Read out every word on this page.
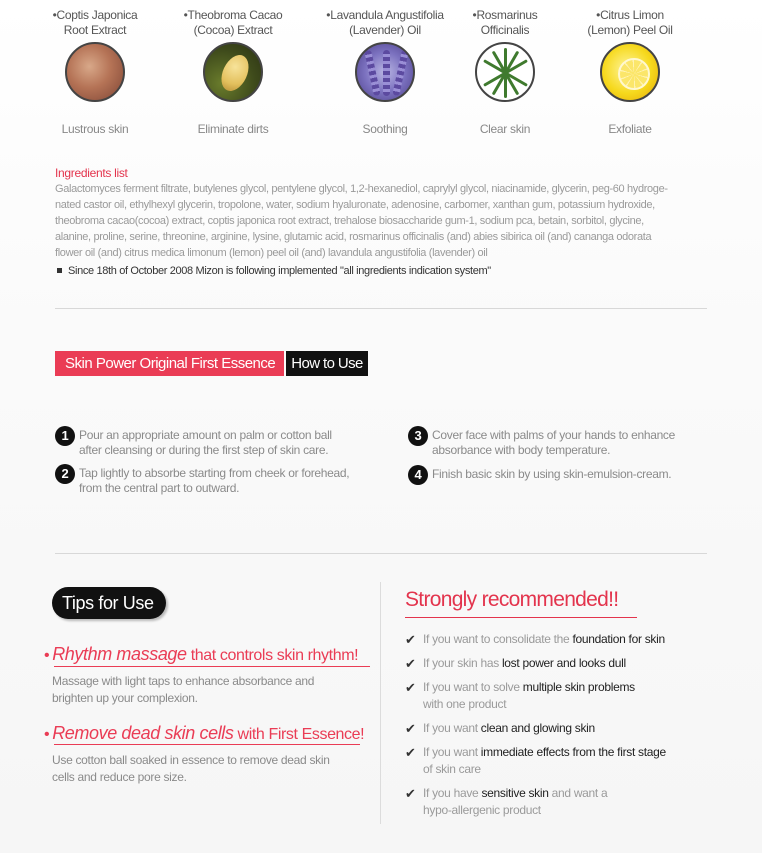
• Coptis Japonica
Root Extract
Lustrous skin
• Theobroma Cacao
(Cocoa) Extract
Eliminate dirts
• Lavandula Angustifolia
(Lavender) Oil
Soothing
• Rosmarinus
Officinalis
Clear skin
• Citrus Limon
(Lemon) Peel Oil
Exfoliate
Ingredients list
Galactomyces ferment filtrate, butylenes glycol, pentylene glycol, 1,2-hexanediol, caprylyl glycol, niacinamide, glycerin, peg-60 hydroge-
nated castor oil, ethylhexyl glycerin, tropolone, water, sodium hyaluronate, adenosine, carbomer, xanthan gum, potassium hydroxide,
theobroma cacao(cocoa) extract, coptis japonica root extract, trehalose biosaccharide gum-1, sodium pca, betain, sorbitol, glycine,
alanine, proline, serine, threonine, arginine, lysine, glutamic acid, rosmarinus officinalis (and) abies sibirica oil (and) cananga odorata
flower oil (and) citrus medica limonum (lemon) peel oil (and) lavandula angustifolia (lavender) oil
Since 18th of October 2008 Mizon is following implemented "all ingredients indication system"
Skin Power Original First Essence	How to Use
1 Pour an appropriate amount on palm or cotton ball
after cleansing or during the first step of skin care.
2 Tap lightly to absorbe starting from cheek or forehead,
from the central part to outward.
3 Cover face with palms of your hands to enhance
absorbance with body temperature.
4 Finish basic skin by using skin-emulsion-cream.
Tips for Use
• Rhythm massage that controls skin rhythm!
Massage with light taps to enhance absorbance and
brighten up your complexion.
• Remove dead skin cells with First Essence!
Use cotton ball soaked in essence to remove dead skin
cells and reduce pore size.
Strongly recommended!!
✔ If you want to consolidate the foundation for skin
✔ If your skin has lost power and looks dull
✔ If you want to solve multiple skin problems
with one product
✔ If you want clean and glowing skin
✔ If you want immediate effects from the first stage
of skin care
✔ If you have sensitive skin and want a
hypo-allergenic product
